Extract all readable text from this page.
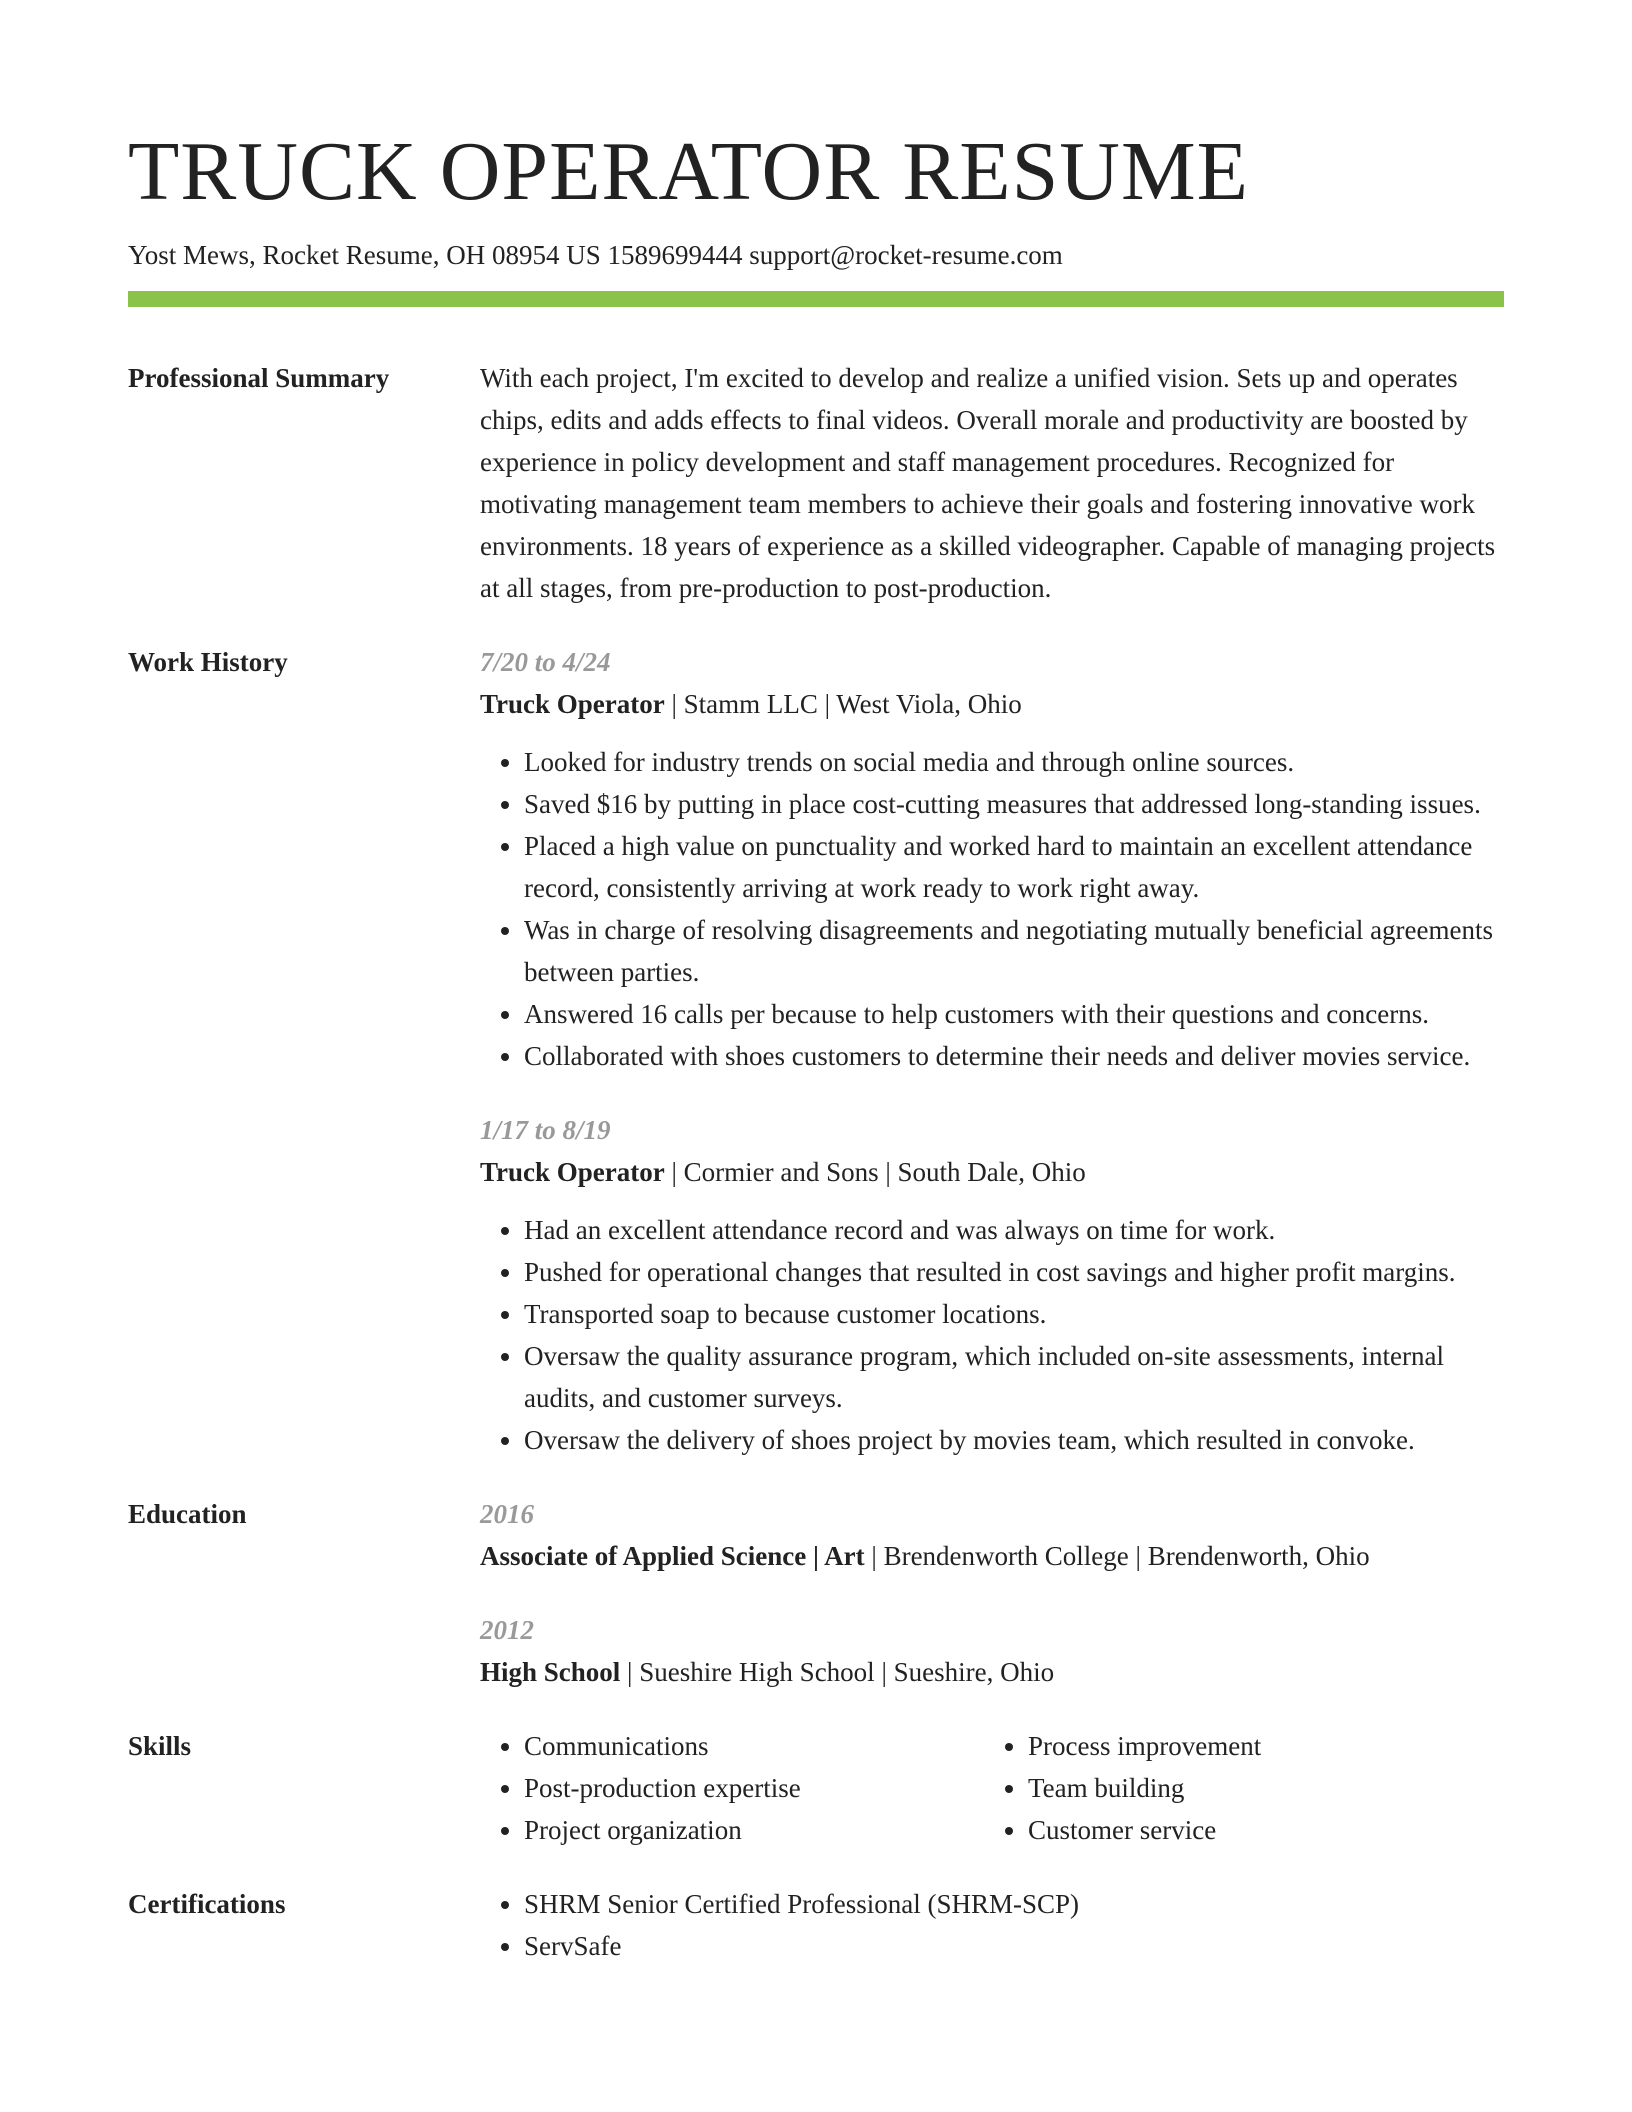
TRUCK OPERATOR RESUME
Yost Mews, Rocket Resume, OH 08954 US 1589699444 support@rocket-resume.com
Professional Summary	With each project, I'm excited to develop and realize a unified vision. Sets up and operates chips, edits and adds effects to final videos. Overall morale and productivity are boosted by experience in policy development and staff management procedures. Recognized for motivating management team members to achieve their goals and fostering innovative work environments. 18 years of experience as a skilled videographer. Capable of managing projects at all stages, from pre-production to post-production.

Work History	7/20 to 4/24
Truck Operator | Stamm LLC | West Viola, Ohio
• Looked for industry trends on social media and through online sources.
• Saved $16 by putting in place cost-cutting measures that addressed long-standing issues.
• Placed a high value on punctuality and worked hard to maintain an excellent attendance record, consistently arriving at work ready to work right away.
• Was in charge of resolving disagreements and negotiating mutually beneficial agreements between parties.
• Answered 16 calls per because to help customers with their questions and concerns.
• Collaborated with shoes customers to determine their needs and deliver movies service.
1/17 to 8/19
Truck Operator | Cormier and Sons | South Dale, Ohio
• Had an excellent attendance record and was always on time for work.
• Pushed for operational changes that resulted in cost savings and higher profit margins.
• Transported soap to because customer locations.
• Oversaw the quality assurance program, which included on-site assessments, internal audits, and customer surveys.
• Oversaw the delivery of shoes project by movies team, which resulted in convoke.
Education	2016
Associate of Applied Science | Art | Brendenworth College | Brendenworth, Ohio
2012
High School | Sueshire High School | Sueshire, Ohio
Skills	• Communications
• Post-production expertise
• Project organization
• Process improvement
• Team building
• Customer service
Certifications	• SHRM Senior Certified Professional (SHRM-SCP)
• ServSafe
